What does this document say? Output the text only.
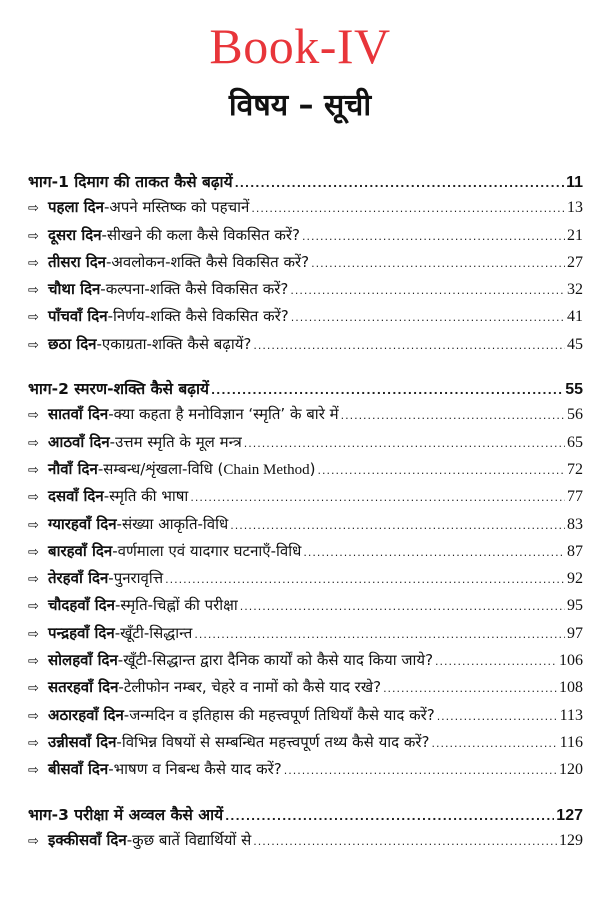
Book-IV
विषय – सूची
भाग-1 दिमाग की ताकत कैसे बढ़ायें .....	11
⇨ पहला दिन -अपने मस्तिष्क को पहचानें .....	13
⇨ दूसरा दिन -सीखने की कला कैसे विकसित करें? .....	21
⇨ तीसरा दिन -अवलोकन-शक्ति कैसे विकसित करें? .....	27
⇨ चौथा दिन -कल्पना-शक्ति कैसे विकसित करें? .....	32
⇨ पाँचवाँ दिन -निर्णय-शक्ति कैसे विकसित करें? .....	41
⇨ छठा दिन -एकाग्रता-शक्ति कैसे बढ़ायें? .....	45
भाग-2 स्मरण-शक्ति कैसे बढ़ायें .....	55
⇨ सातवाँ दिन -क्या कहता है मनोविज्ञान ‘स्मृति’ के बारे में .....	56
⇨ आठवाँ दिन -उत्तम स्मृति के मूल मन्त्र .....	65
⇨ नौवाँ दिन -सम्बन्ध/शृंखला-विधि (Chain Method) .....	72
⇨ दसवाँ दिन -स्मृति की भाषा .....	77
⇨ ग्यारहवाँ दिन -संख्या आकृति-विधि .....	83
⇨ बारहवाँ दिन -वर्णमाला एवं यादगार घटनाएँ-विधि .....	87
⇨ तेरहवाँ दिन -पुनरावृत्ति .....	92
⇨ चौदहवाँ दिन -स्मृति-चिह्नों की परीक्षा .....	95
⇨ पन्द्रहवाँ दिन -खूँटी-सिद्धान्त .....	97
⇨ सोलहवाँ दिन -खूँटी-सिद्धान्त द्वारा दैनिक कार्यों को कैसे याद किया जाये? .....	106
⇨ सतरहवाँ दिन -टेलीफोन नम्बर, चेहरे व नामों को कैसे याद रखे? .....	108
⇨ अठारहवाँ दिन -जन्मदिन व इतिहास की महत्त्वपूर्ण तिथियाँ कैसे याद करें? .....	113
⇨ उन्नीसवाँ दिन -विभिन्न विषयों से सम्बन्धित महत्त्वपूर्ण तथ्य कैसे याद करें? .....	116
⇨ बीसवाँ दिन -भाषण व निबन्ध कैसे याद करें? .....	120
भाग-3 परीक्षा में अव्वल कैसे आयें .....	127
⇨ इक्कीसवाँ दिन -कुछ बातें विद्यार्थियों से .....	129
